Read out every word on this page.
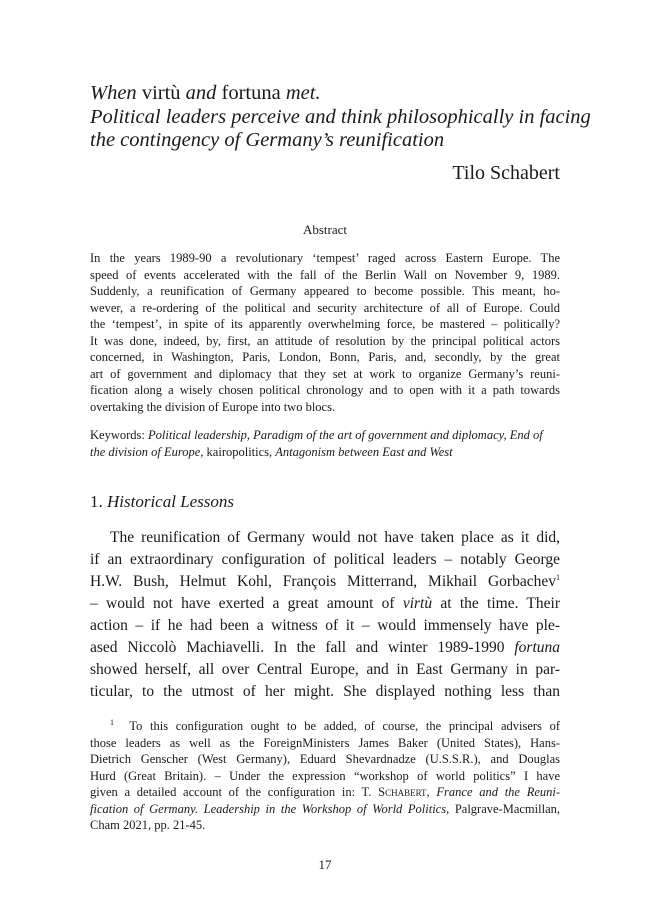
When virtù and fortuna met.
Political leaders perceive and think philosophically in facing
the contingency of Germany’s reunification
Tilo Schabert
Abstract
In the years 1989-90 a revolutionary ‘tempest’ raged across Eastern Europe. The
speed of events accelerated with the fall of the Berlin Wall on November 9, 1989.
Suddenly, a reunification of Germany appeared to become possible. This meant, ho-
wever, a re-ordering of the political and security architecture of all of Europe. Could
the ‘tempest’, in spite of its apparently overwhelming force, be mastered – politically?
It was done, indeed, by, first, an attitude of resolution by the principal political actors
concerned, in Washington, Paris, London, Bonn, Paris, and, secondly, by the great
art of government and diplomacy that they set at work to organize Germany’s reuni-
fication along a wisely chosen political chronology and to open with it a path towards
overtaking the division of Europe into two blocs.
Keywords: Political leadership, Paradigm of the art of government and diplomacy, End of
the division of Europe, kairopolitics, Antagonism between East and West
1. Historical Lessons
The reunification of Germany would not have taken place as it did,
if an extraordinary configuration of political leaders – notably George
H.W. Bush, Helmut Kohl, François Mitterrand, Mikhail Gorbachev$^1$
– would not have exerted a great amount of virtù at the time. Their
action – if he had been a witness of it – would immensely have ple-
ased Niccolò Machiavelli. In the fall and winter 1989-1990 fortuna
showed herself, all over Central Europe, and in East Germany in par-
ticular, to the utmost of her might. She displayed nothing less than
$^1$ To this configuration ought to be added, of course, the principal advisers of
those leaders as well as the ForeignMinisters James Baker (United States), Hans-
Dietrich Genscher (West Germany), Eduard Shevardnadze (U.S.S.R.), and Douglas
Hurd (Great Britain). – Under the expression “workshop of world politics” I have
given a detailed account of the configuration in: T. Schabert, France and the Reuni-
fication of Germany. Leadership in the Workshop of World Politics, Palgrave-Macmillan,
Cham 2021, pp. 21-45.
17
